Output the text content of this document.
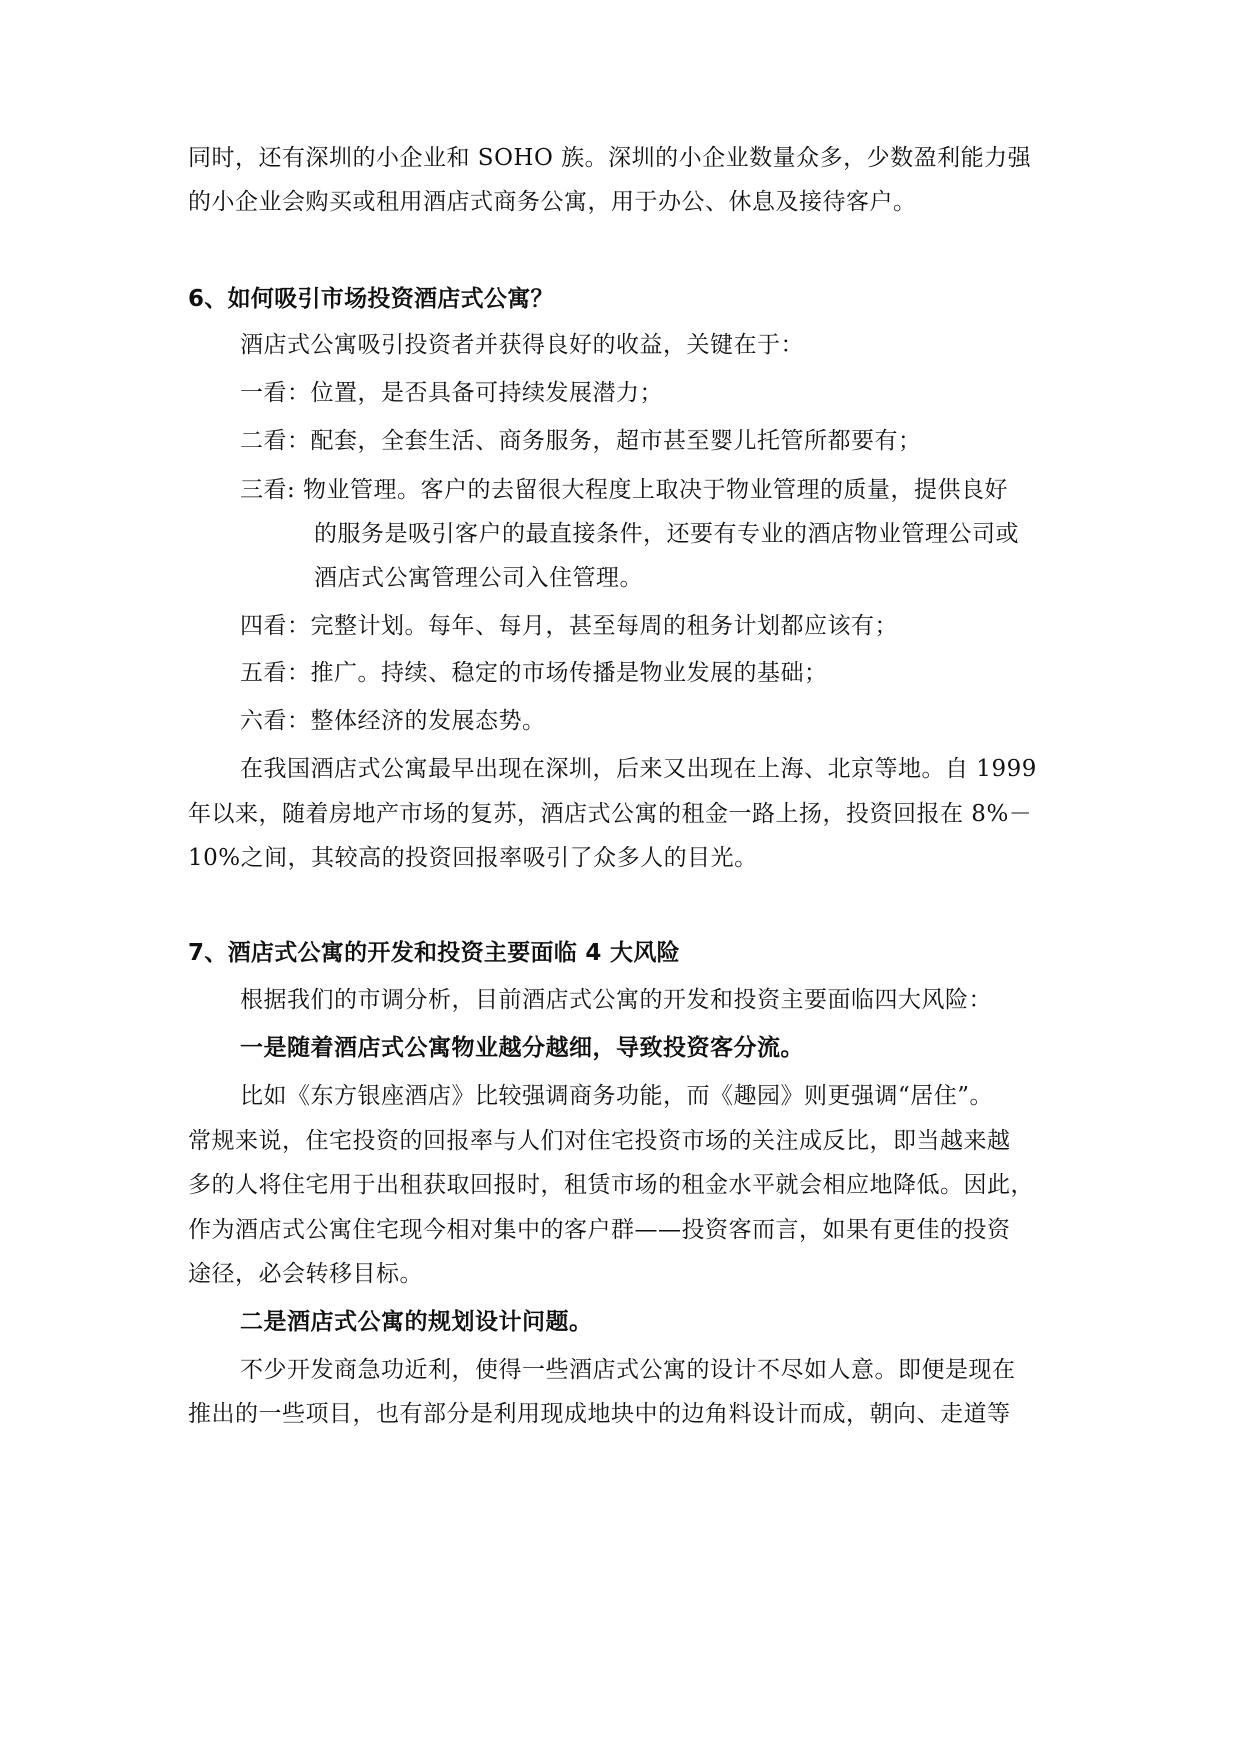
同时，还有深圳的小企业和 SOHO 族。深圳的小企业数量众多，少数盈利能力强
的小企业会购买或租用酒店式商务公寓，用于办公、休息及接待客户。
6、如何吸引市场投资酒店式公寓？
酒店式公寓吸引投资者并获得良好的收益，关键在于：
一看：位置，是否具备可持续发展潜力；
二看：配套，全套生活、商务服务，超市甚至婴儿托管所都要有；
三看: 物业管理。客户的去留很大程度上取决于物业管理的质量，提供良好
的服务是吸引客户的最直接条件，还要有专业的酒店物业管理公司或
酒店式公寓管理公司入住管理。
四看：完整计划。每年、每月，甚至每周的租务计划都应该有；
五看：推广。持续、稳定的市场传播是物业发展的基础；
六看：整体经济的发展态势。
在我国酒店式公寓最早出现在深圳，后来又出现在上海、北京等地。自 1999
年以来，随着房地产市场的复苏，酒店式公寓的租金一路上扬，投资回报在 8%－
10%之间，其较高的投资回报率吸引了众多人的目光。
7、酒店式公寓的开发和投资主要面临 4 大风险
根据我们的市调分析，目前酒店式公寓的开发和投资主要面临四大风险：
一是随着酒店式公寓物业越分越细，导致投资客分流。
比如《东方银座酒店》比较强调商务功能，而《趣园》则更强调“居住”。
常规来说，住宅投资的回报率与人们对住宅投资市场的关注成反比，即当越来越
多的人将住宅用于出租获取回报时，租赁市场的租金水平就会相应地降低。因此，
作为酒店式公寓住宅现今相对集中的客户群——投资客而言，如果有更佳的投资
途径，必会转移目标。
二是酒店式公寓的规划设计问题。
不少开发商急功近利，使得一些酒店式公寓的设计不尽如人意。即便是现在
推出的一些项目，也有部分是利用现成地块中的边角料设计而成，朝向、走道等
